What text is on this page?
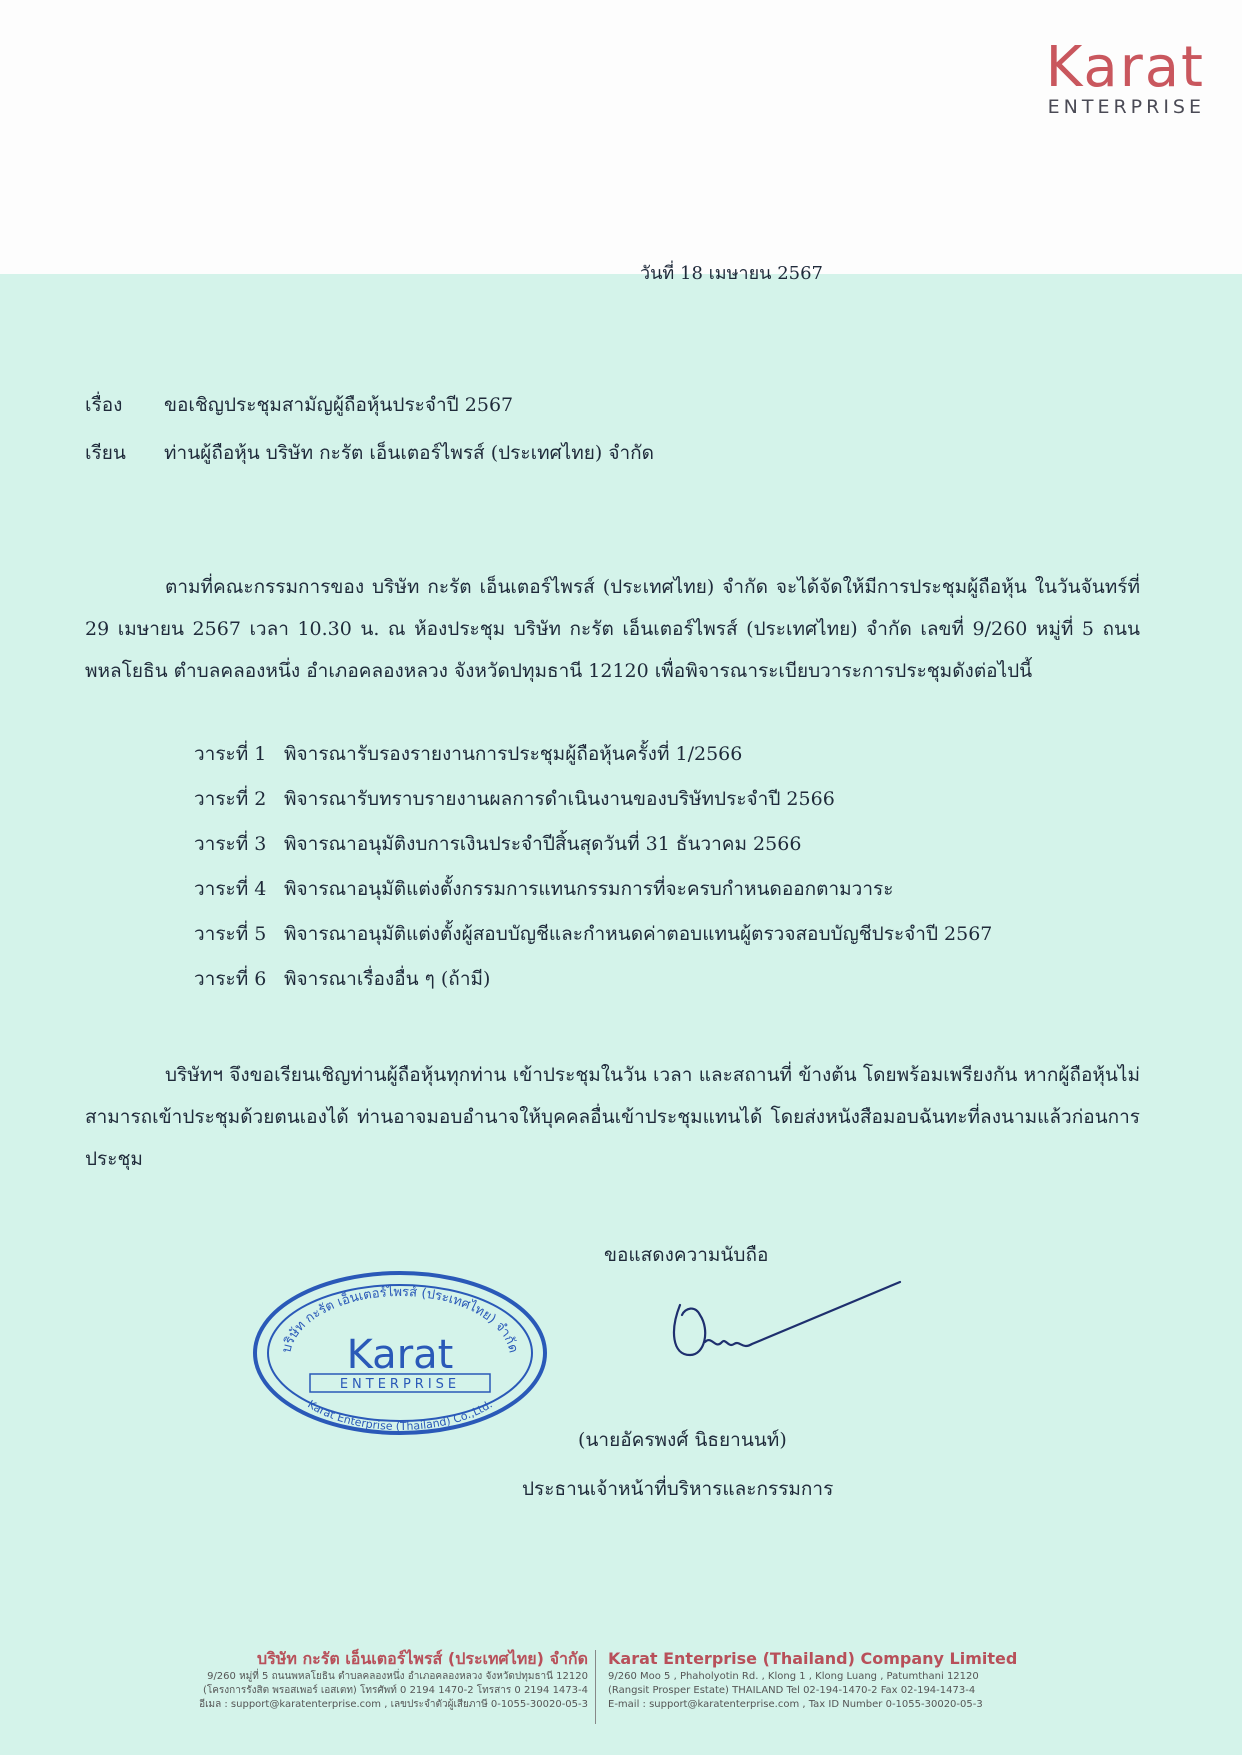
Karat
ENTERPRISE
วันที่ 18 เมษายน 2567
เรื่อง ขอเชิญประชุมสามัญผู้ถือหุ้นประจำปี 2567
เรียน ท่านผู้ถือหุ้น บริษัท กะรัต เอ็นเตอร์ไพรส์ (ประเทศไทย) จำกัด
ตามที่คณะกรรมการของ บริษัท กะรัต เอ็นเตอร์ไพรส์ (ประเทศไทย) จำกัด จะได้จัดให้มีการประชุมผู้ถือหุ้น ในวันจันทร์ที่ 29 เมษายน 2567 เวลา 10.30 น. ณ ห้องประชุม บริษัท กะรัต เอ็นเตอร์ไพรส์ (ประเทศไทย) จำกัด เลขที่ 9/260 หมู่ที่ 5 ถนนพหลโยธิน ตำบลคลองหนึ่ง อำเภอคลองหลวง จังหวัดปทุมธานี 12120 เพื่อพิจารณาระเบียบวาระการประชุมดังต่อไปนี้
วาระที่ 1 พิจารณารับรองรายงานการประชุมผู้ถือหุ้นครั้งที่ 1/2566
วาระที่ 2 พิจารณารับทราบรายงานผลการดำเนินงานของบริษัทประจำปี 2566
วาระที่ 3 พิจารณาอนุมัติงบการเงินประจำปีสิ้นสุดวันที่ 31 ธันวาคม 2566
วาระที่ 4 พิจารณาอนุมัติแต่งตั้งกรรมการแทนกรรมการที่จะครบกำหนดออกตามวาระ
วาระที่ 5 พิจารณาอนุมัติแต่งตั้งผู้สอบบัญชีและกำหนดค่าตอบแทนผู้ตรวจสอบบัญชีประจำปี 2567
วาระที่ 6 พิจารณาเรื่องอื่น ๆ (ถ้ามี)
บริษัทฯ จึงขอเรียนเชิญท่านผู้ถือหุ้นทุกท่าน เข้าประชุมในวัน เวลา และสถานที่ ข้างต้น โดยพร้อมเพรียงกัน หากผู้ถือหุ้นไม่สามารถเข้าประชุมด้วยตนเองได้ ท่านอาจมอบอำนาจให้บุคคลอื่นเข้าประชุมแทนได้ โดยส่งหนังสือมอบฉันทะที่ลงนามแล้วก่อนการประชุม
ขอแสดงความนับถือ
บริษัท กะรัต เอ็นเตอร์ไพรส์ (ประเทศไทย) จำกัด
Karat
ENTERPRISE
Karat Enterprise (Thailand) Co.,Ltd.
(นายอัครพงศ์ นิธยานนท์)
ประธานเจ้าหน้าที่บริหารและกรรมการ
บริษัท กะรัต เอ็นเตอร์ไพรส์ (ประเทศไทย) จำกัด
9/260 หมู่ที่ 5 ถนนพหลโยธิน ตำบลคลองหนึ่ง อำเภอคลองหลวง จังหวัดปทุมธานี 12120
(โครงการรังสิต พรอสเพอร์ เอสเตท) โทรศัพท์ 0 2194 1470-2 โทรสาร 0 2194 1473-4
อีเมล : support@karatenterprise.com , เลขประจำตัวผู้เสียภาษี 0-1055-30020-05-3
Karat Enterprise (Thailand) Company Limited
9/260 Moo 5 , Phaholyotin Rd. , Klong 1 , Klong Luang , Patumthani 12120
(Rangsit Prosper Estate) THAILAND Tel 02-194-1470-2 Fax 02-194-1473-4
E-mail : support@karatenterprise.com , Tax ID Number 0-1055-30020-05-3
